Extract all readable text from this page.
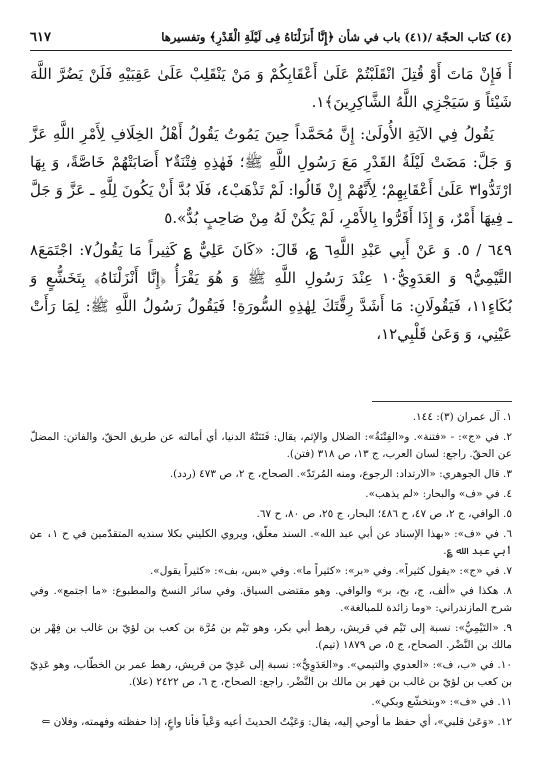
(٤) كتاب الحجّة /(٤١) باب في شأن ﴿إِنَّا أَنزَلْنَاهُ فِى لَيْلَةِ الْقَدْرِ﴾ وتفسيرها
٦١٧

أَ فَإِنْ مَاتَ أَوْ قُتِلَ انْقَلَبْتُمْ عَلَىٰ أَعْقَابِكُمْ وَ مَنْ يَنْقَلِبْ عَلَىٰ عَقِبَيْهِ فَلَنْ يَضُرَّ اللَّهَ شَيْئاً وَ سَيَجْزِي اللَّهُ الشَّاكِرِينَ﴾١.

يَقُولُ فِي الآيَةِ الأُولَىٰ: إِنَّ مُحَمَّداً حِينَ يَمُوتُ يَقُولُ أَهْلُ الخِلَافِ لِأَمْرِ اللَّهِ عَزَّ وَ جَلَّ: مَضَتْ لَيْلَةُ القَدْرِ مَعَ رَسُولِ اللَّهِ ﷺ؛ فَهٰذِهِ فِتْنَةٌ٢ أَصَابَتْهُمْ خَاصَّةً، وَ بِهَا ارْتَدُّوا٣ عَلَىٰ أَعْقَابِهِمْ؛ لِأَنَّهُمْ إِنْ قَالُوا: لَمْ تَذْهَبْ٤، فَلَا بُدَّ أَنْ يَكُونَ لِلَّهِ ـ عَزَّ وَ جَلَّ ـ فِيهَا أَمْرٌ، وَ إِذَا أَقَرُّوا بِالأَمْرِ، لَمْ يَكُنْ لَهُ مِنْ صَاحِبٍ بُدٌّ».٥

٦٤٩ / ٥. وَ عَنْ أَبِي عَبْدِ اللَّهِ٦ ؏، قَالَ: «كَانَ عَلِيٌّ ؏ كَثِيراً مَا يَقُولُ٧: اجْتَمَعَ٨ التَّيْمِيُّ٩ وَ العَدَوِيُّ١٠ عِنْدَ رَسُولِ اللَّهِ ﷺ وَ هُوَ يَقْرَأُ ﴿إِنَّا أَنْزَلْنَاهُ﴾ بِتَخَشُّعٍ وَ بُكَاءٍ١١، فَيَقُولَانِ: مَا أَشَدَّ رِقَّتَكَ لِهٰذِهِ السُّورَةِ! فَيَقُولُ رَسُولُ اللَّهِ ﷺ: لِمَا رَأَتْ عَيْنِي، وَ وَعَىٰ قَلْبِي١٢،

١. آل عمران (٣): ١٤٤.
٢. في «ج»: - «فتنة». و«الفِتْنَةُ»: الضلال والإثم، يقال: فَتَنَتْهُ الدنيا، أي أمالته عن طريق الحقّ، والفاتن: المضلّ عن الحقّ. راجع: لسان العرب، ج ١٣، ص ٣١٨ (فتن).
٣. قال الجوهري: «الارتداد: الرجوع، ومنه المُرتَدّ». الصحاح، ج ٢، ص ٤٧٣ (ردد).
٤. في «ف» والبحار: «لم يذهب».
٥. الوافي، ج ٢، ص ٤٧، ح ٤٨٦؛ البحار، ج ٢٥، ص ٨٠، ح ٦٧.
٦. في «ف»: «بهذا الإسناد عن أبي عبد الله». السند معلّق، ويروي الكليني بكلا سنديه المتقدّمين في ح ١، عن أبي عبد الله ؏.
٧. في «ج»: «يقول كثيراً». وفي «بر»: «كثيراً ما». وفي «بس، بف»: «كثيراً يقول».
٨. هكذا في «ألف، ج، بح، بر» والوافي. وهو مقتضى السياق. وفي سائر النسخ والمطبوع: «ما اجتمع». وفي شرح المازندراني: «وما زائدة للمبالغة».
٩. «التَيْمِيُّ»: نسبة إلى تَيْم في قريش، رهط أبي بكر، وهو تَيْم بن مُرَّة بن كعب بن لؤيّ بن غالب بن فِهْر بن مالك بن النَّضْر. الصحاح، ج ٥، ص ١٨٧٩ (تيم).
١٠. في «ب، ف»: «العدوي والتيمي». و«العَدَوِيُّ»: نسبة إلى عَدِيّ من قريش، رهط عمر بن الخطّاب، وهو عَدِيّ بن كعب بن لؤيّ بن غالب بن فهر بن مالك بن النَّضْر. راجع: الصحاح، ج ٦، ص ٢٤٢٢ (علا).
١١. في «ف»: «وبتخشّع وبكي».
١٢. «وَعَىٰ قلبي»، أي حفظ ما أوحي إليه، يقال: وَعَيْتُ الحديثَ أعيه وَعْياً فأنا واعٍ، إذا حفظته وفهمته، وفلان ⇐
